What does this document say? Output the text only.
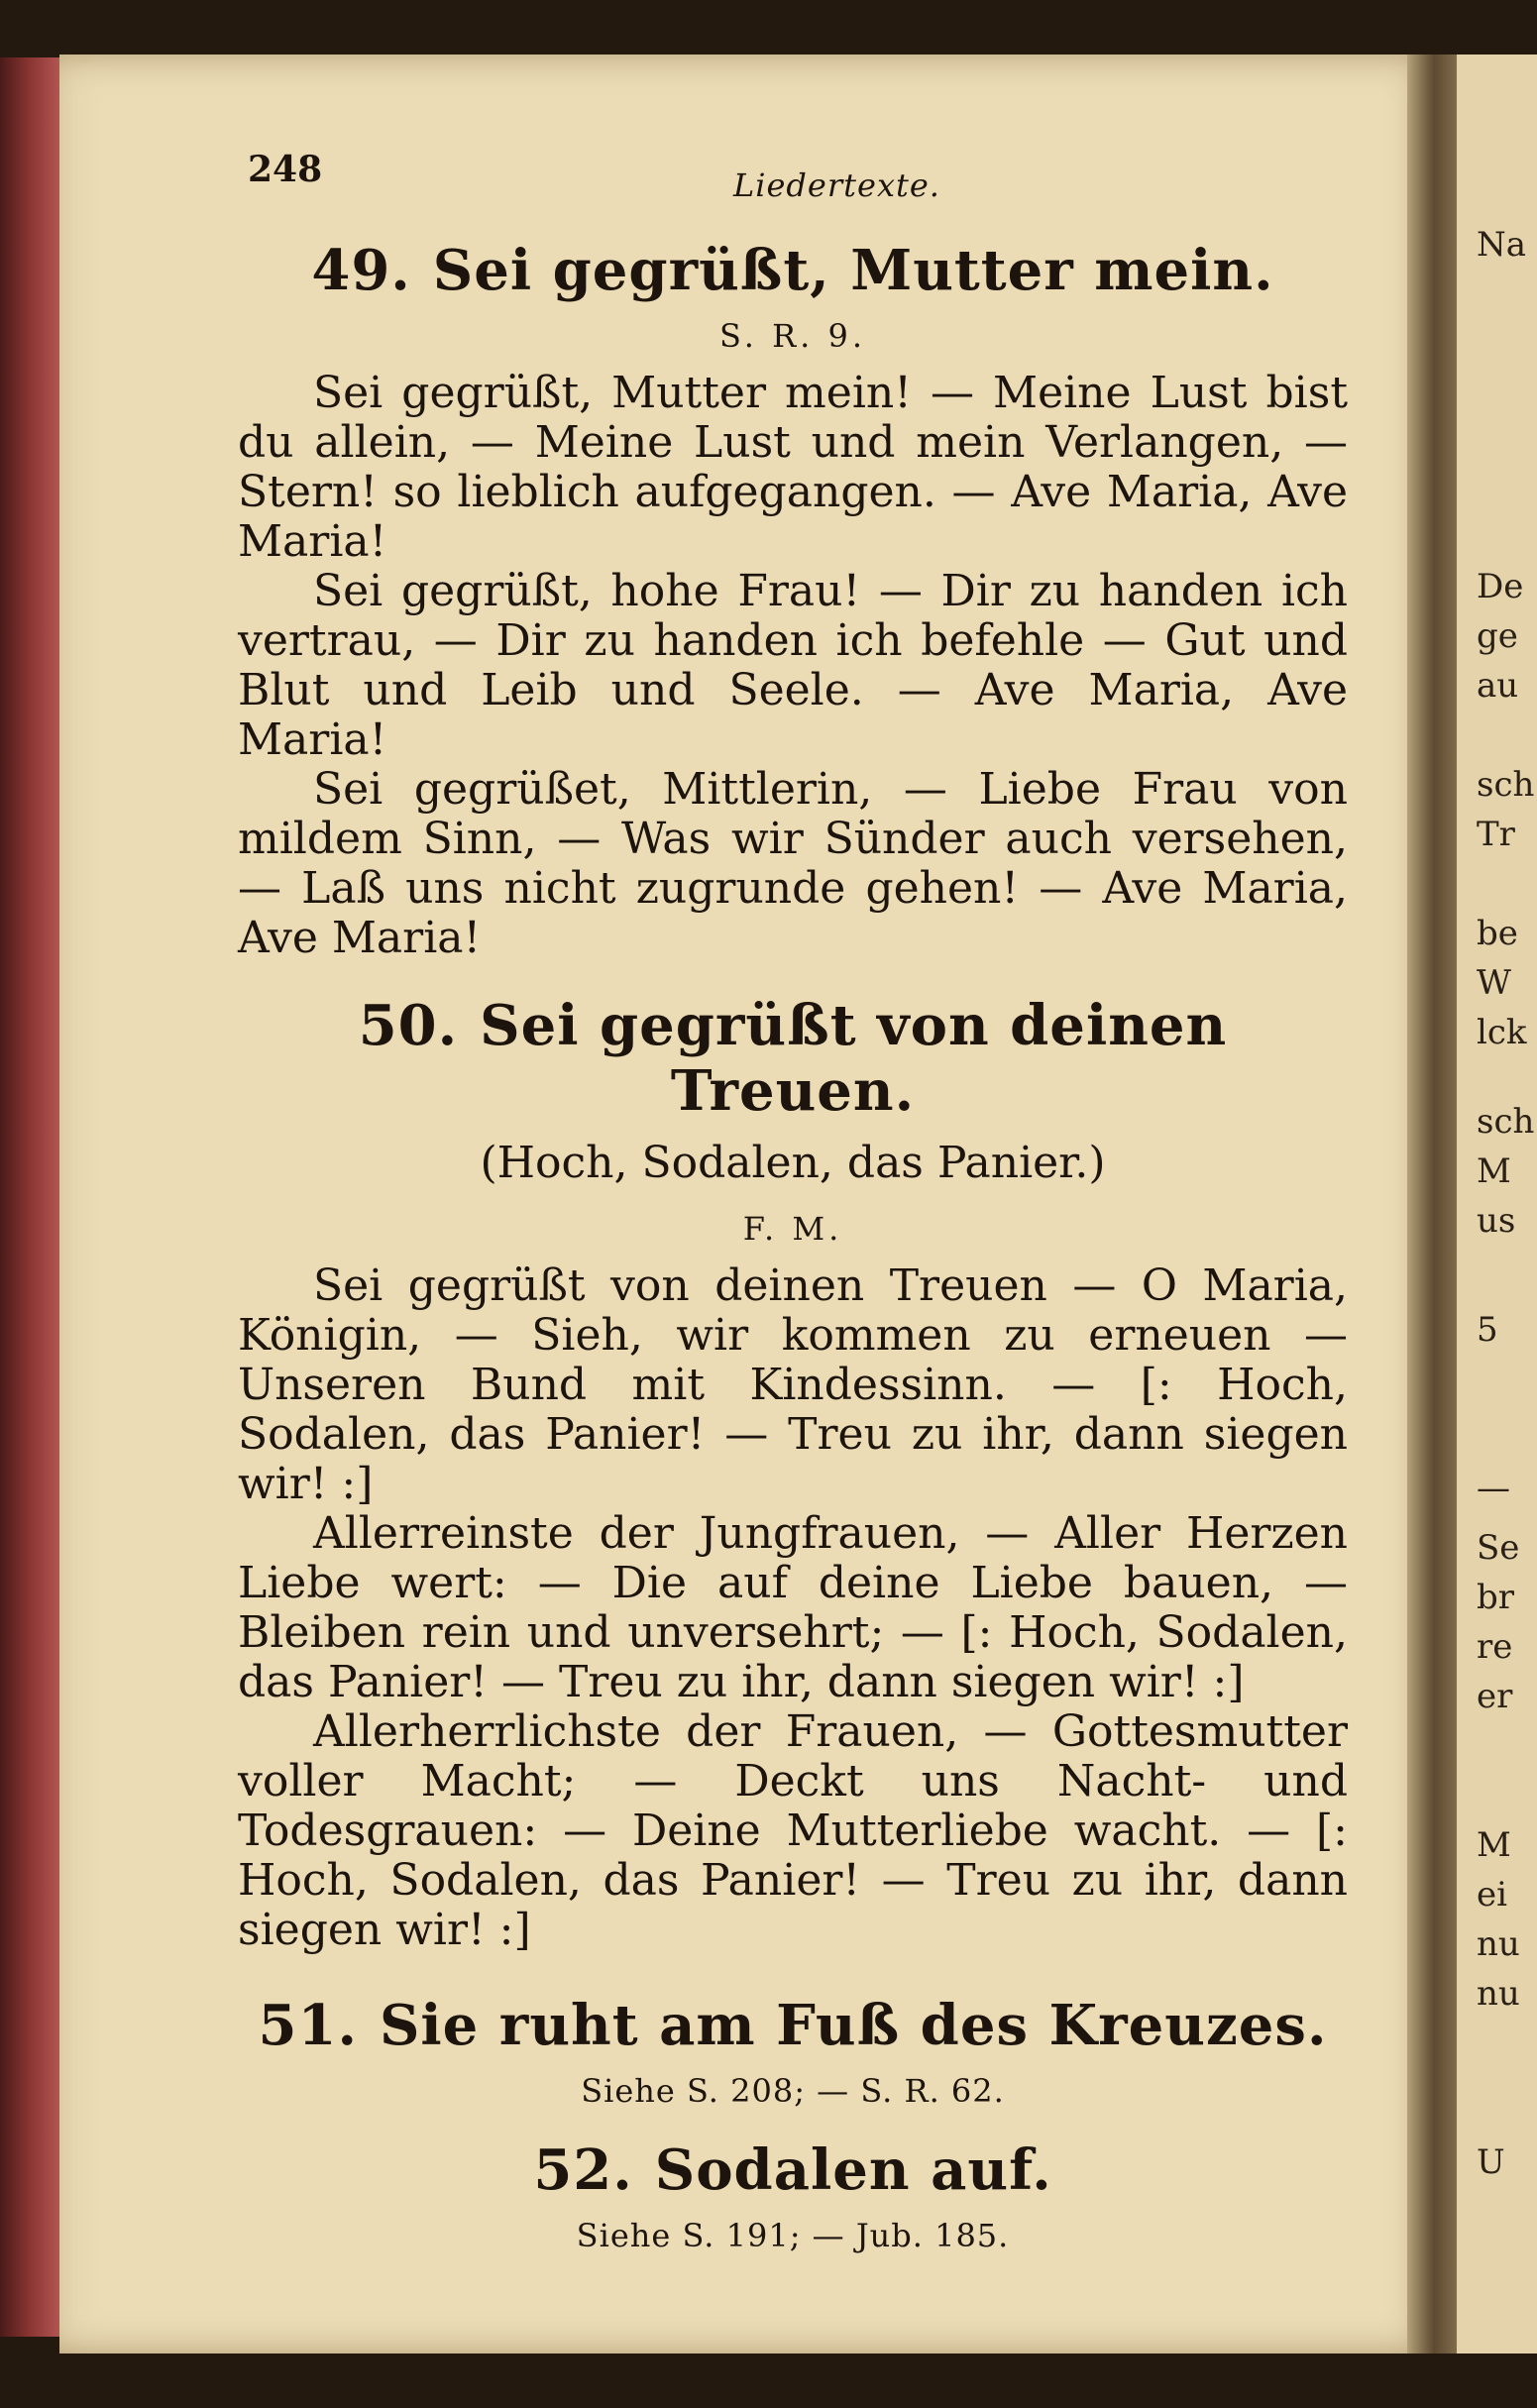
Na
De
ge
au
sch
Tr
be
W
lck
sch
M
us
5
—
Se
br
re
er
M
ei
nu
nu
U
248	Liedertexte.
49. Sei gegrüßt, Mutter mein.
S. R. 9.

Sei gegrüßt, Mutter mein! — Meine Lust bist du allein, — Meine Lust und mein Verlangen, — Stern! so lieblich aufgegangen. — Ave Maria, Ave Maria!

Sei gegrüßt, hohe Frau! — Dir zu handen ich vertrau, — Dir zu handen ich befehle — Gut und Blut und Leib und Seele. — Ave Maria, Ave Maria!

Sei gegrüßet, Mittlerin, — Liebe Frau von mildem Sinn, — Was wir Sünder auch versehen, — Laß uns nicht zugrunde gehen! — Ave Maria, Ave Maria!

50. Sei gegrüßt von deinen Treuen.
(Hoch, Sodalen, das Panier.)
F. M.

Sei gegrüßt von deinen Treuen — O Maria, Königin, — Sieh, wir kommen zu erneuen — Unseren Bund mit Kindessinn. — [: Hoch, Sodalen, das Panier! — Treu zu ihr, dann siegen wir! :]

Allerreinste der Jungfrauen, — Aller Herzen Liebe wert: — Die auf deine Liebe bauen, — Bleiben rein und unversehrt; — [: Hoch, Sodalen, das Panier! — Treu zu ihr, dann siegen wir! :]

Allerherrlichste der Frauen, — Gottesmutter voller Macht; — Deckt uns Nacht- und Todesgrauen: — Deine Mutterliebe wacht. — [: Hoch, Sodalen, das Panier! — Treu zu ihr, dann siegen wir! :]

51. Sie ruht am Fuß des Kreuzes.
Siehe S. 208; — S. R. 62.
52. Sodalen auf.
Siehe S. 191; — Jub. 185.
